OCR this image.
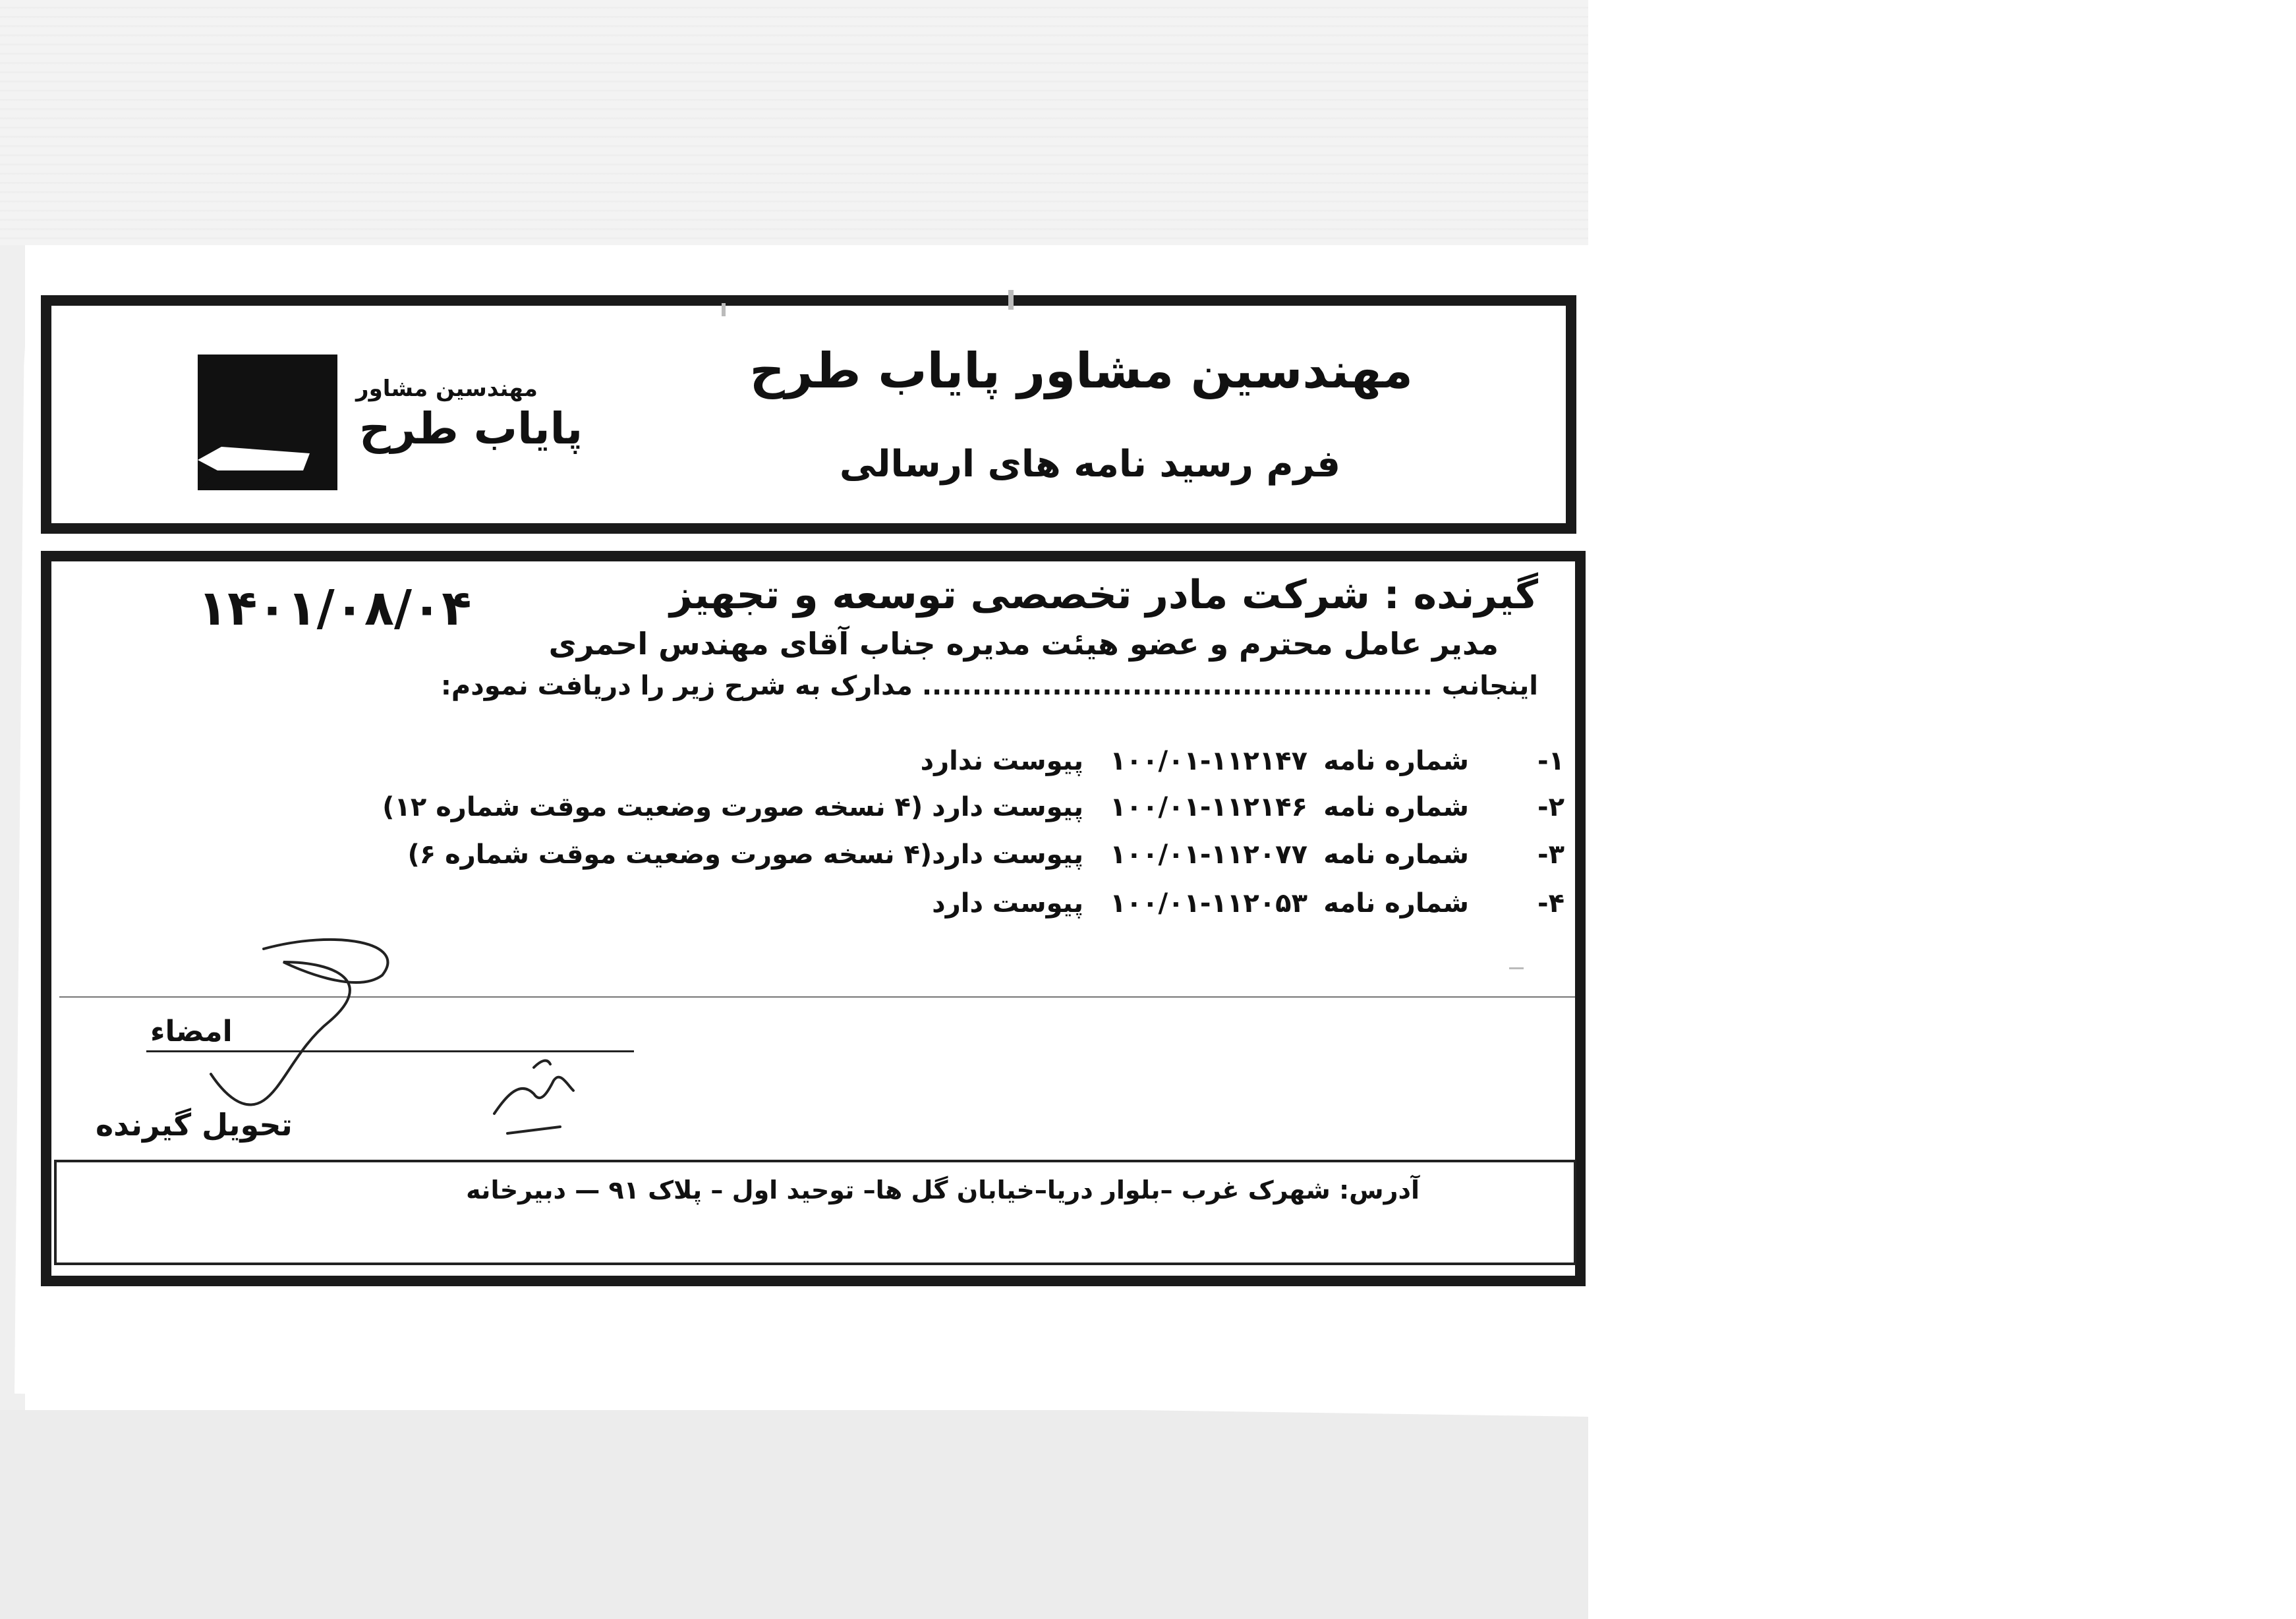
مهندسین مشاور پایاب طرح
فرم رسید نامه های ارسالی
مهندسین مشاور
پایاب طرح
۱۴۰۱/۰۸/۰۴	گیرنده : شرکت مادر تخصصی توسعه و تجهیز
مدیر عامل محترم و عضو هیئت مدیره جناب آقای مهندس احمری
اینجانب ................................................... مدارک به شرح زیر را دریافت نمودم:
۱-
شماره نامه
۱۰۰/۰۱-۱۱۲۱۴۷
پیوست ندارد
۲-
شماره نامه
۱۰۰/۰۱-۱۱۲۱۴۶
پیوست دارد (۴ نسخه صورت وضعیت موقت شماره ۱۲)
۳-
شماره نامه
۱۰۰/۰۱-۱۱۲۰۷۷
پیوست دارد(۴ نسخه صورت وضعیت موقت شماره ۶)
۴-
شماره نامه
۱۰۰/۰۱-۱۱۲۰۵۳
پیوست دارد
امضاء
تحویل گیرنده
آدرس: شهرک غرب –بلوار دریا–خیابان گل ها– توحید اول – پلاک ۹۱ — دبیرخانه
